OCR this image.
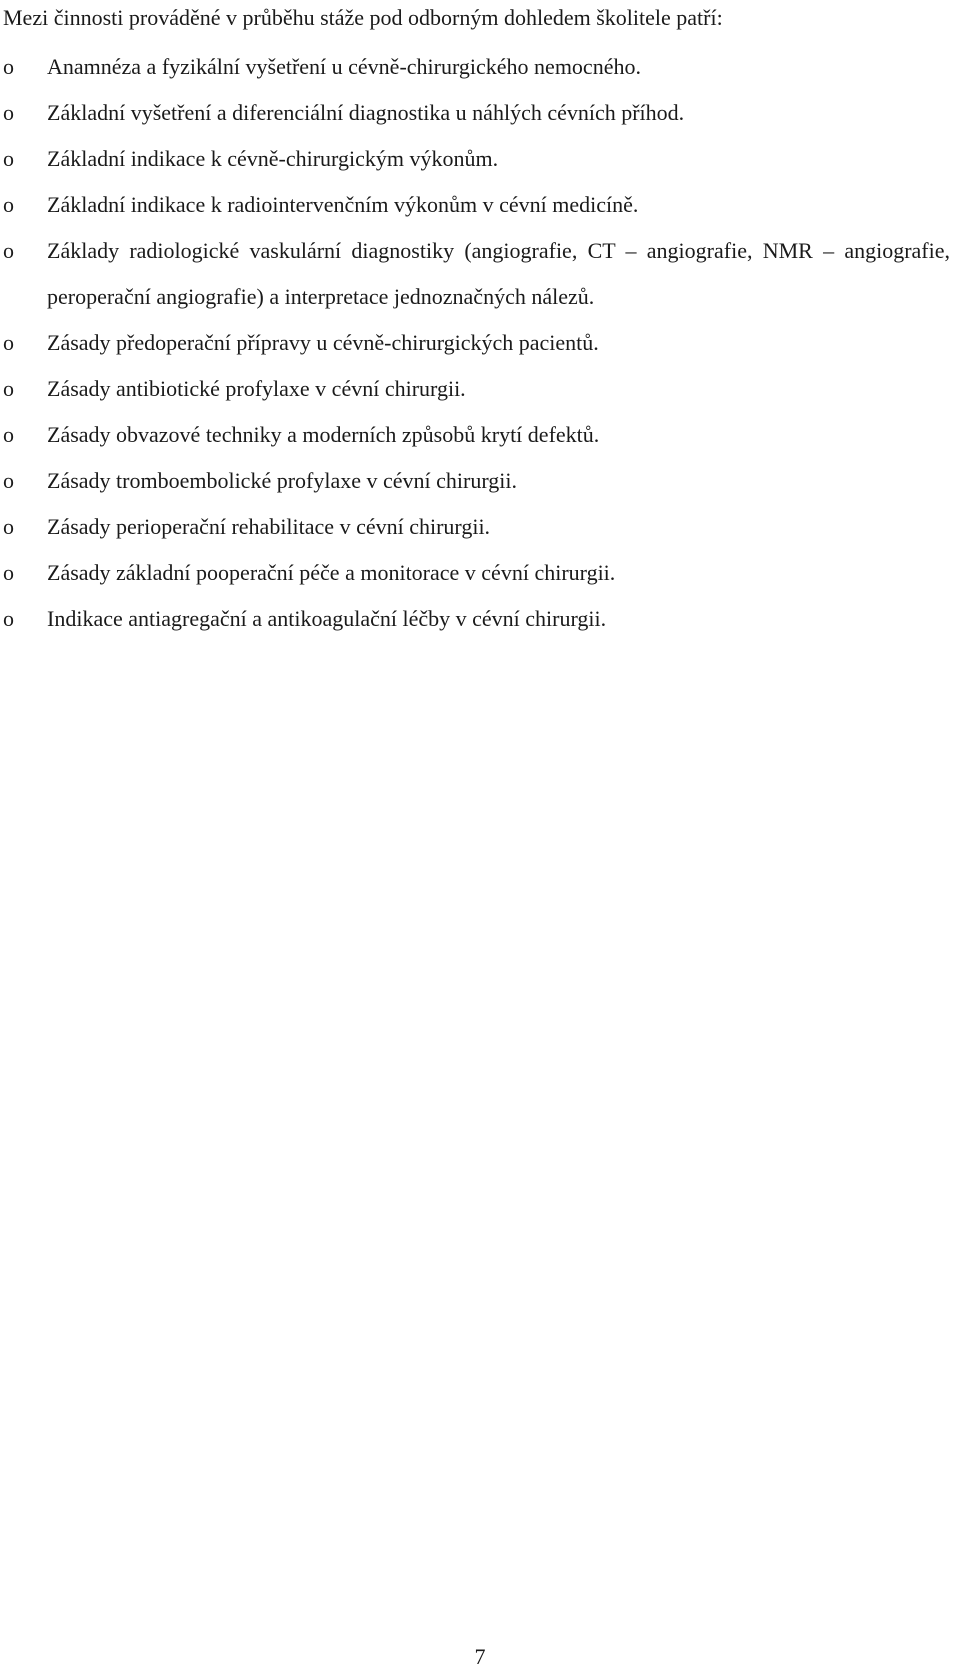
Mezi činnosti prováděné v průběhu stáže pod odborným dohledem školitele patří:

o Anamnéza a fyzikální vyšetření u cévně-chirurgického nemocného.
o Základní vyšetření a diferenciální diagnostika u náhlých cévních příhod.
o Základní indikace k cévně-chirurgickým výkonům.
o Základní indikace k radiointervenčním výkonům v cévní medicíně.
o Základy radiologické vaskulární diagnostiky (angiografie, CT – angiografie, NMR – angiografie, peroperační angiografie) a interpretace jednoznačných nálezů.
o Zásady předoperační přípravy u cévně-chirurgických pacientů.
o Zásady antibiotické profylaxe v cévní chirurgii.
o Zásady obvazové techniky a moderních způsobů krytí defektů.
o Zásady tromboembolické profylaxe v cévní chirurgii.
o Zásady perioperační rehabilitace v cévní chirurgii.
o Zásady základní pooperační péče a monitorace v cévní chirurgii.
o Indikace antiagregační a antikoagulační léčby v cévní chirurgii.

7
